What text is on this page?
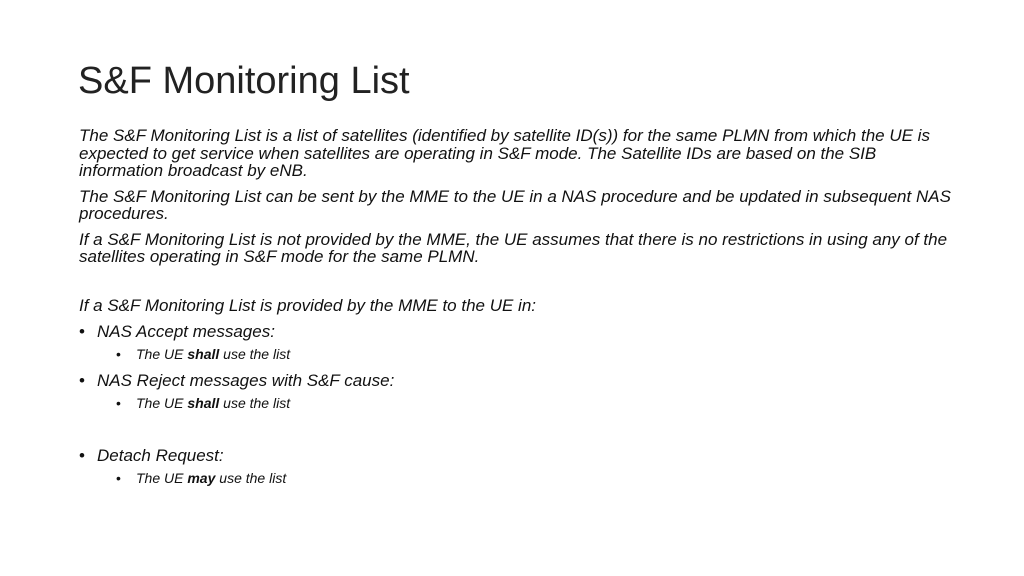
S&F Monitoring List

The S&F Monitoring List is a list of satellites (identified by satellite ID(s)) for the same PLMN from which the UE is expected to get service when satellites are operating in S&F mode. The Satellite IDs are based on the SIB information broadcast by eNB.

The S&F Monitoring List can be sent by the MME to the UE in a NAS procedure and be updated in subsequent NAS procedures.

If a S&F Monitoring List is not provided by the MME, the UE assumes that there is no restrictions in using any of the satellites operating in S&F mode for the same PLMN.

If a S&F Monitoring List is provided by the MME to the UE in:

• NAS Accept messages:
• The UE shall use the list
• NAS Reject messages with S&F cause:
• The UE shall use the list
• Detach Request:
• The UE may use the list
